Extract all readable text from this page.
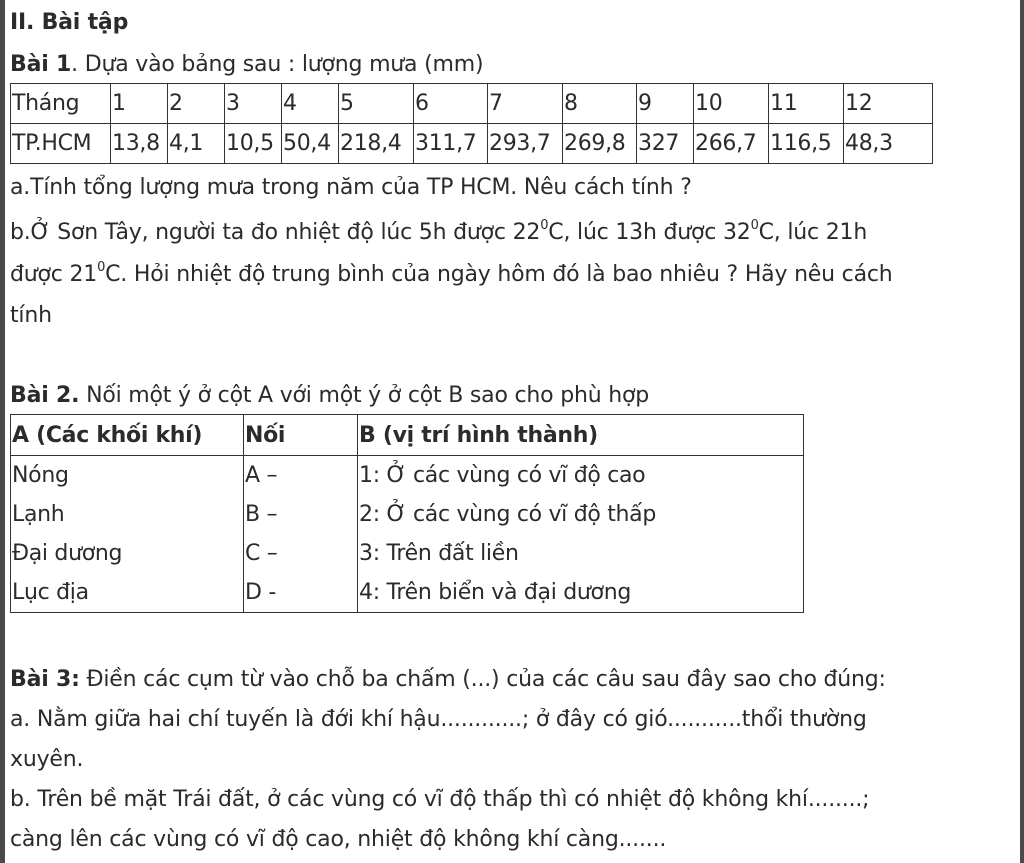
II. Bài tập
Bài 1. Dựa vào bảng sau : lượng mưa (mm)
Tháng	1	2	3	4	5	6	7	8	9	10	11	12
TP.HCM	13,8	4,1	10,5	50,4	218,4	311,7	293,7	269,8	327	266,7	116,5	48,3
a.Tính tổng lượng mưa trong năm của TP HCM. Nêu cách tính ?
b.Ở Sơn Tây, người ta đo nhiệt độ lúc 5h được $22^0C$, lúc 13h được $32^0C$, lúc 21h
được $21^0C$. Hỏi nhiệt độ trung bình của ngày hôm đó là bao nhiêu ? Hãy nêu cách
tính
Bài 2. Nối một ý ở cột A với một ý ở cột B sao cho phù hợp
A (Các khối khí)	Nối	B (vị trí hình thành)
Nóng	A –	1: Ở các vùng có vĩ độ cao
Lạnh	B –	2: Ở các vùng có vĩ độ thấp
Đại dương	C –	3: Trên đất liền
Lục địa	D -	4: Trên biển và đại dương
Bài 3: Điền các cụm từ vào chỗ ba chấm (...) của các câu sau đây sao cho đúng:
a. Nằm giữa hai chí tuyến là đới khí hậu............; ở đây có gió...........thổi thường
xuyên.
b. Trên bề mặt Trái đất, ở các vùng có vĩ độ thấp thì có nhiệt độ không khí........;
càng lên các vùng có vĩ độ cao, nhiệt độ không khí càng.......
